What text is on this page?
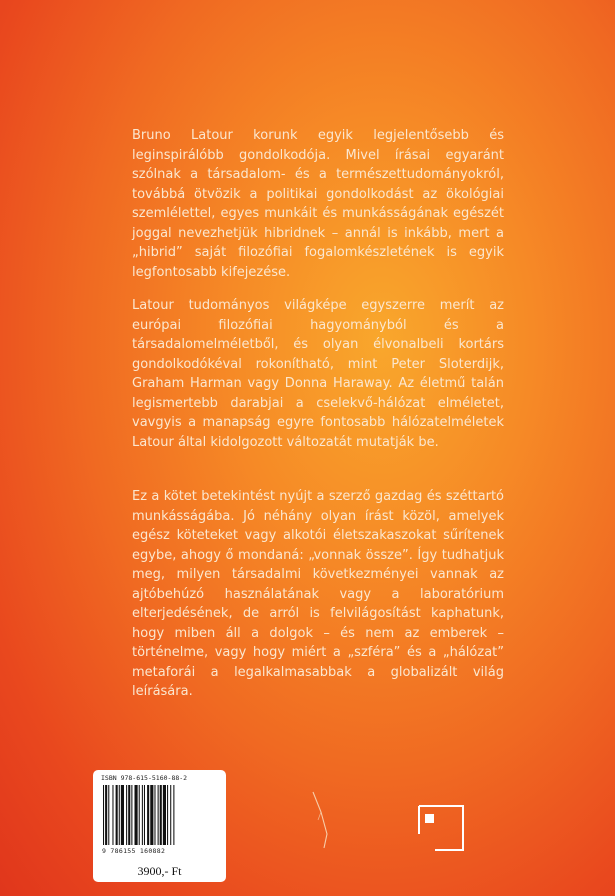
Bruno Latour korunk egyik legjelentősebb és leginspirálóbb gondolkodója. Mivel írásai egyaránt szólnak a társadalom- és a természettudományokról, továbbá ötvözik a politikai gondolkodást az ökológiai szemlélettel, egyes munkáit és munkásságának egészét joggal nevezhetjük hibridnek – annál is inkább, mert a „hibrid” saját filozófiai fogalomkészletének is egyik legfontosabb kifejezése.

Latour tudományos világképe egyszerre merít az európai filozófiai hagyományból és a társadalomelméletből, és olyan élvonalbeli kortárs gondolkodókéval rokonítható, mint Peter Sloterdijk, Graham Harman vagy Donna Haraway. Az életmű talán legismertebb darabjai a cselekvő-hálózat elméletet, vavgyis a manapság egyre fontosabb hálózatelméletek Latour által kidolgozott változatát mutatják be.

Ez a kötet betekintést nyújt a szerző gazdag és széttartó munkásságába. Jó néhány olyan írást közöl, amelyek egész köteteket vagy alkotói életszakaszokat sűrítenek egybe, ahogy ő mondaná: „vonnak össze”. Így tudhatjuk meg, milyen társadalmi következményei vannak az ajtóbehúzó használatának vagy a laboratórium elterjedésének, de arról is felvilágosítást kaphatunk, hogy miben áll a dolgok – és nem az emberek – történelme, vagy hogy miért a „szféra” és a „hálózat” metaforái a legalkalmasabbak a globalizált világ leírására.

ISBN 978-615-5160-88-2
9 786155 160882
3900,- Ft
